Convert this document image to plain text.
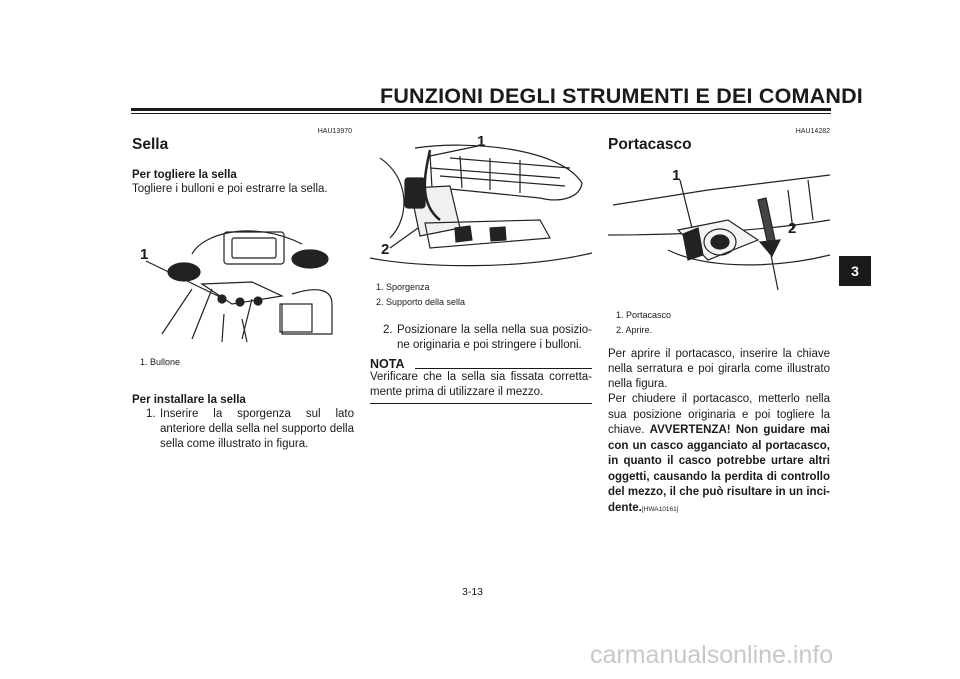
FUNZIONI DEGLI STRUMENTI E DEI COMANDI
3
HAU13970
Sella
Per togliere la sella
Togliere i bulloni e poi estrarre la sella.
1
1. Bullone
Per installare la sella
1. Inserire la sporgenza sul lato anteriore della sella nel supporto della sella come illustrato in figura.
1
2
1. Sporgenza
2. Supporto della sella
2. Posizionare la sella nella sua posizio-ne originaria e poi stringere i bulloni.
NOTA
Verificare che la sella sia fissata corretta-mente prima di utilizzare il mezzo.
HAU14282
Portacasco
1
2
1. Portacasco
2. Aprire.
Per aprire il portacasco, inserire la chiave nella serratura e poi girarla come illustrato nella figura.
Per chiudere il portacasco, metterlo nella sua posizione originaria e poi togliere la chiave. AVVERTENZA! Non guidare mai con un casco agganciato al portacasco, in quanto il casco potrebbe urtare altri oggetti, causando la perdita di controllo del mezzo, il che può risultare in un inci-dente.[HWA10161]
3-13
carmanualsonline.info
